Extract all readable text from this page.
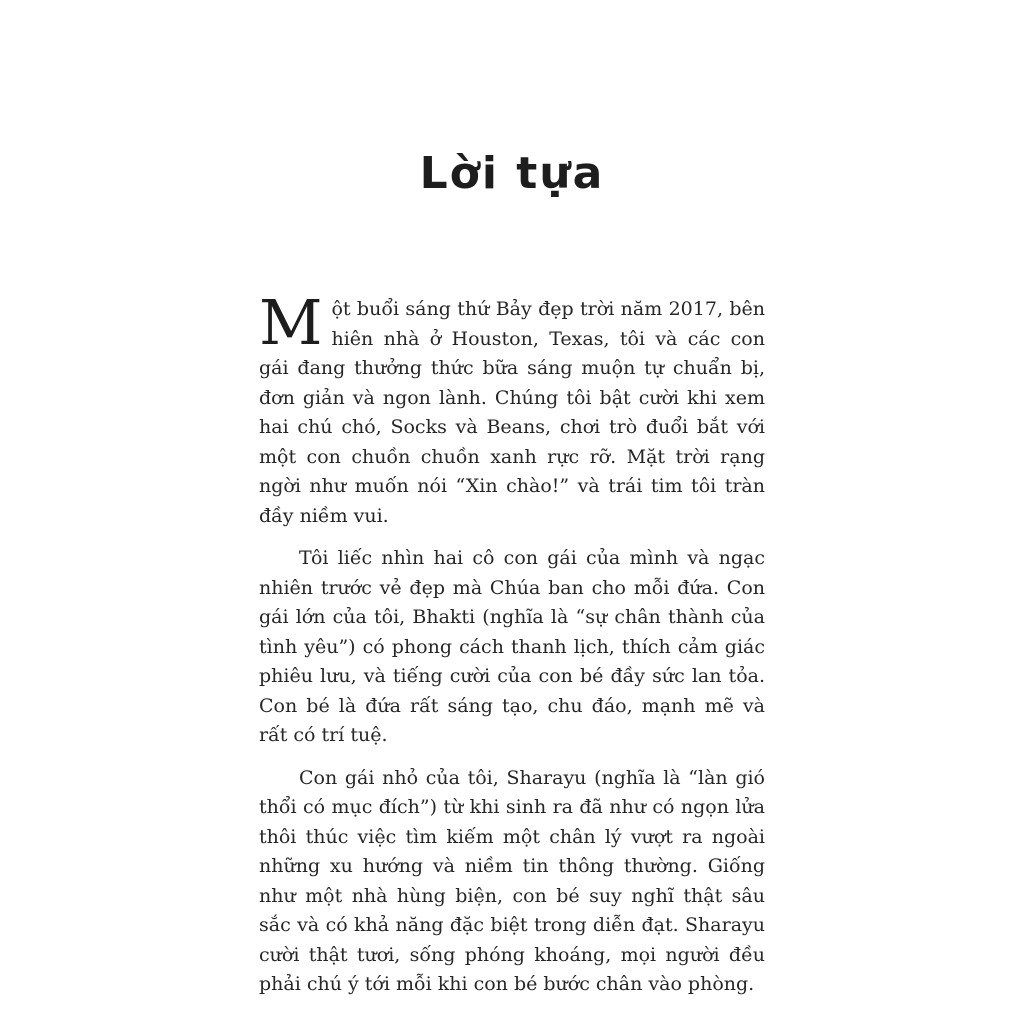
Lời tựa

Một buổi sáng thứ Bảy đẹp trời năm 2017, bên hiên nhà ở Houston, Texas, tôi và các con gái đang thưởng thức bữa sáng muộn tự chuẩn bị, đơn giản và ngon lành. Chúng tôi bật cười khi xem hai chú chó, Socks và Beans, chơi trò đuổi bắt với một con chuồn chuồn xanh rực rỡ. Mặt trời rạng ngời như muốn nói “Xin chào!” và trái tim tôi tràn đầy niềm vui.

Tôi liếc nhìn hai cô con gái của mình và ngạc nhiên trước vẻ đẹp mà Chúa ban cho mỗi đứa. Con gái lớn của tôi, Bhakti (nghĩa là “sự chân thành của tình yêu”) có phong cách thanh lịch, thích cảm giác phiêu lưu, và tiếng cười của con bé đầy sức lan tỏa. Con bé là đứa rất sáng tạo, chu đáo, mạnh mẽ và rất có trí tuệ.

Con gái nhỏ của tôi, Sharayu (nghĩa là “làn gió thổi có mục đích”) từ khi sinh ra đã như có ngọn lửa thôi thúc việc tìm kiếm một chân lý vượt ra ngoài những xu hướng và niềm tin thông thường. Giống như một nhà hùng biện, con bé suy nghĩ thật sâu sắc và có khả năng đặc biệt trong diễn đạt. Sharayu cười thật tươi, sống phóng khoáng, mọi người đều phải chú ý tới mỗi khi con bé bước chân vào phòng.
